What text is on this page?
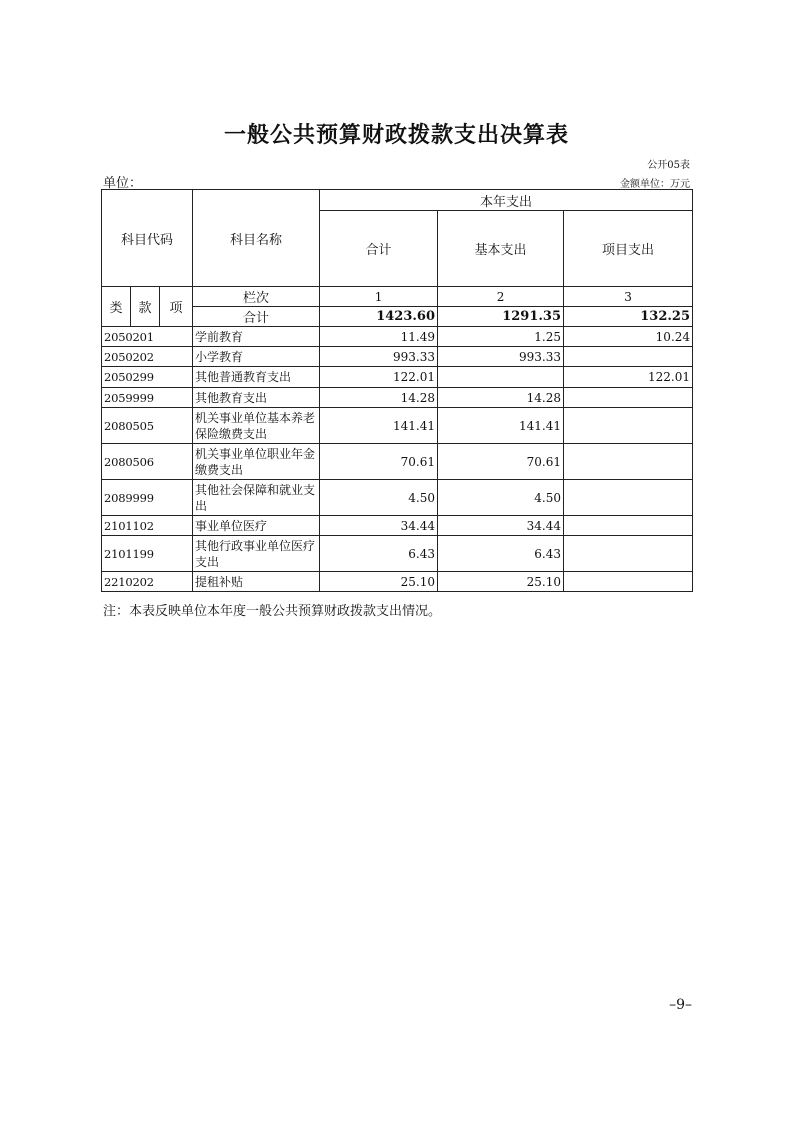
一般公共预算财政拨款支出决算表
公开05表
单位：	金额单位：万元
科目代码			科目名称	本年支出		
				合计	基本支出	项目支出
类	款	项	栏次	1	2	3
			合计	1423.60	1291.35	132.25
2050201			学前教育	11.49	1.25	10.24
2050202			小学教育	993.33	993.33	
2050299			其他普通教育支出	122.01		122.01
2059999			其他教育支出	14.28	14.28	
2080505			机关事业单位基本养老保险缴费支出	141.41	141.41	
2080506			机关事业单位职业年金缴费支出	70.61	70.61	
2089999			其他社会保障和就业支出	4.50	4.50	
2101102			事业单位医疗	34.44	34.44	
2101199			其他行政事业单位医疗支出	6.43	6.43	
2210202			提租补贴	25.10	25.10	
注：本表反映单位本年度一般公共预算财政拨款支出情况。
–9–
